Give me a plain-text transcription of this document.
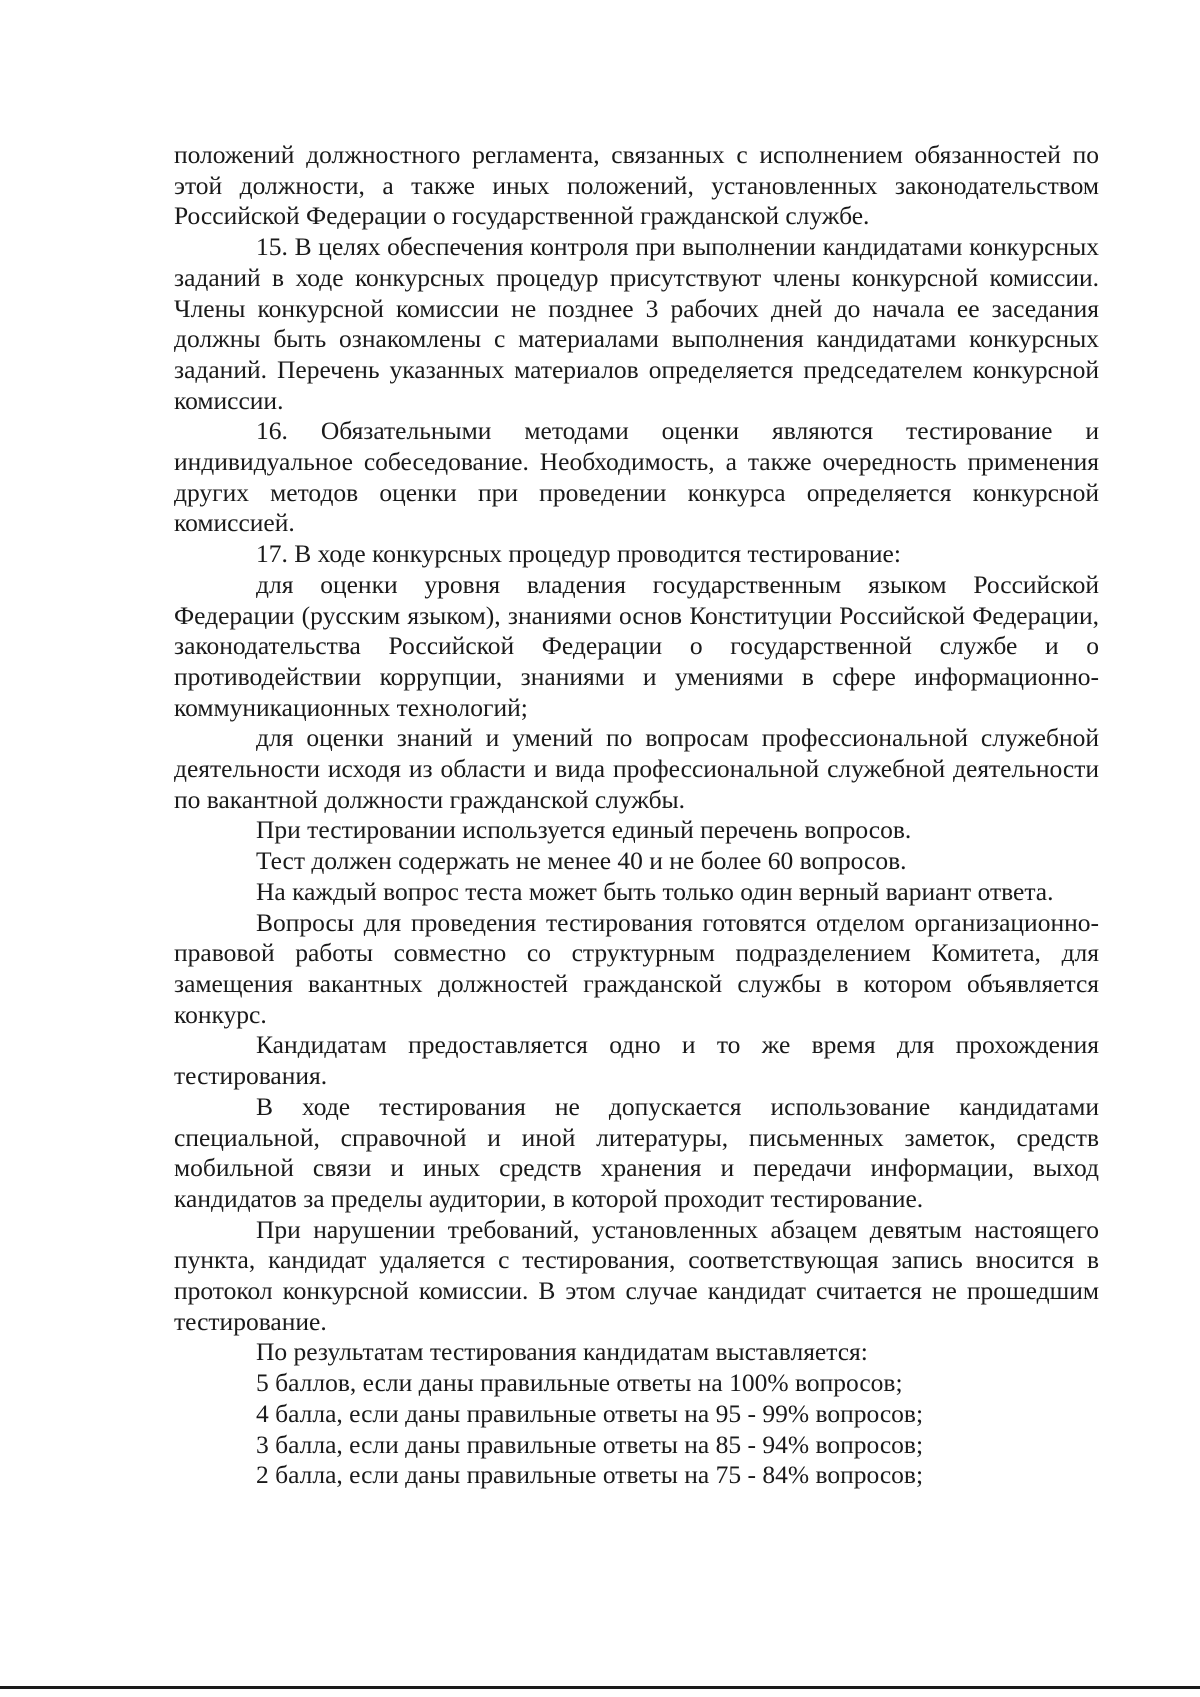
положений должностного регламента, связанных с исполнением обязанностей по этой должности, а также иных положений, установленных законодательством Российской Федерации о государственной гражданской службе.

15. В целях обеспечения контроля при выполнении кандидатами конкурсных заданий в ходе конкурсных процедур присутствуют члены конкурсной комиссии. Члены конкурсной комиссии не позднее 3 рабочих дней до начала ее заседания должны быть ознакомлены с материалами выполнения кандидатами конкурсных заданий. Перечень указанных материалов определяется председателем конкурсной комиссии.

16. Обязательными методами оценки являются тестирование и индивидуальное собеседование. Необходимость, а также очередность применения других методов оценки при проведении конкурса определяется конкурсной комиссией.

17. В ходе конкурсных процедур проводится тестирование:

для оценки уровня владения государственным языком Российской Федерации (русским языком), знаниями основ Конституции Российской Федерации, законодательства Российской Федерации о государственной службе и о противодействии коррупции, знаниями и умениями в сфере информационно-коммуникационных технологий;

для оценки знаний и умений по вопросам профессиональной служебной деятельности исходя из области и вида профессиональной служебной деятельности по вакантной должности гражданской службы.

При тестировании используется единый перечень вопросов.

Тест должен содержать не менее 40 и не более 60 вопросов.

На каждый вопрос теста может быть только один верный вариант ответа.

Вопросы для проведения тестирования готовятся отделом организационно-правовой работы совместно со структурным подразделением Комитета, для замещения вакантных должностей гражданской службы в котором объявляется конкурс.

Кандидатам предоставляется одно и то же время для прохождения тестирования.

В ходе тестирования не допускается использование кандидатами специальной, справочной и иной литературы, письменных заметок, средств мобильной связи и иных средств хранения и передачи информации, выход кандидатов за пределы аудитории, в которой проходит тестирование.

При нарушении требований, установленных абзацем девятым настоящего пункта, кандидат удаляется с тестирования, соответствующая запись вносится в протокол конкурсной комиссии. В этом случае кандидат считается не прошедшим тестирование.

По результатам тестирования кандидатам выставляется:

5 баллов, если даны правильные ответы на 100% вопросов;

4 балла, если даны правильные ответы на 95 - 99% вопросов;

3 балла, если даны правильные ответы на 85 - 94% вопросов;

2 балла, если даны правильные ответы на 75 - 84% вопросов;
